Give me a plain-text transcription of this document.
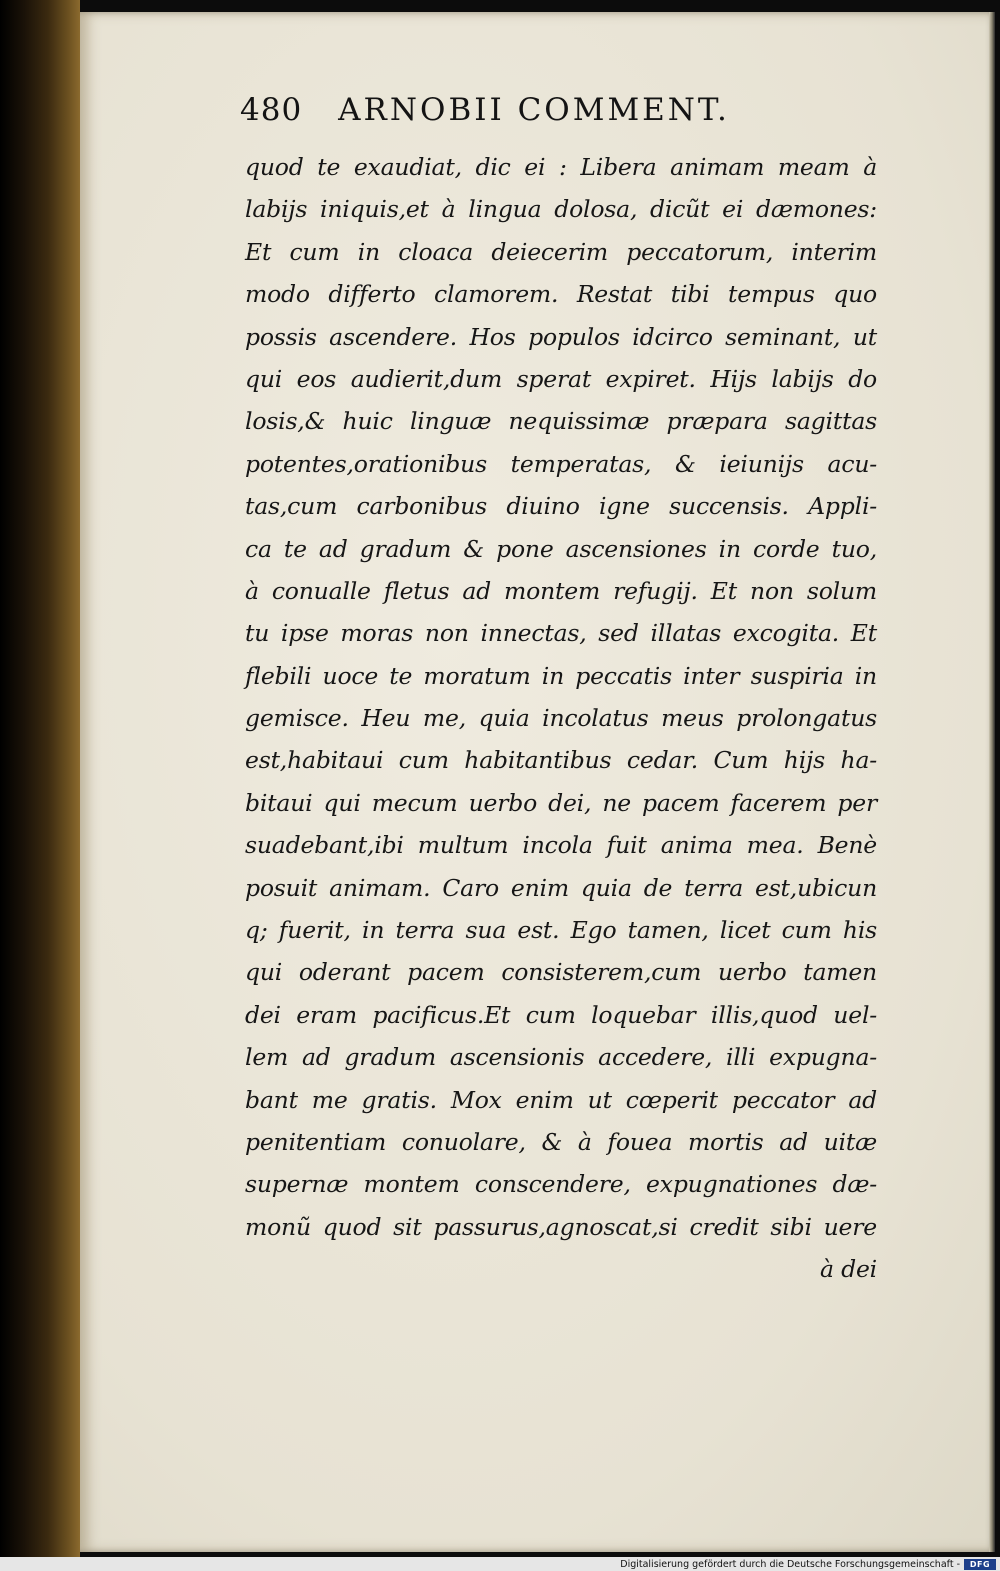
480 ARNOBII COMMENT.
quod te exaudiat, dic ei : Libera animam meam à
labijs iniquis,et à lingua dolosa, dicũt ei dæmones:
Et cum in cloaca deiecerim peccatorum, interim
modo differto clamorem. Restat tibi tempus quo
possis ascendere. Hos populos idcirco seminant, ut
qui eos audierit,dum sperat expiret. Hijs labijs do
losis,& huic linguæ nequissimæ præpara sagittas
potentes,orationibus temperatas, & ieiunijs acu-
tas,cum carbonibus diuino igne succensis. Appli-
ca te ad gradum & pone ascensiones in corde tuo,
à conualle fletus ad montem refugij. Et non solum
tu ipse moras non innectas, sed illatas excogita. Et
flebili uoce te moratum in peccatis inter suspiria in
gemisce. Heu me, quia incolatus meus prolongatus
est,habitaui cum habitantibus cedar. Cum hijs ha-
bitaui qui mecum uerbo dei, ne pacem facerem per
suadebant,ibi multum incola fuit anima mea. Benè
posuit animam. Caro enim quia de terra est,ubicun
q; fuerit, in terra sua est. Ego tamen, licet cum his
qui oderant pacem consisterem,cum uerbo tamen
dei eram pacificus.Et cum loquebar illis,quod uel-
lem ad gradum ascensionis accedere, illi expugna-
bant me gratis. Mox enim ut cœperit peccator ad
penitentiam conuolare, & à fouea mortis ad uitæ
supernæ montem conscendere, expugnationes dæ-
monũ quod sit passurus,agnoscat,si credit sibi uere
à dei
Digitalisierung gefördert durch die Deutsche Forschungsgemeinschaft -	DFG
